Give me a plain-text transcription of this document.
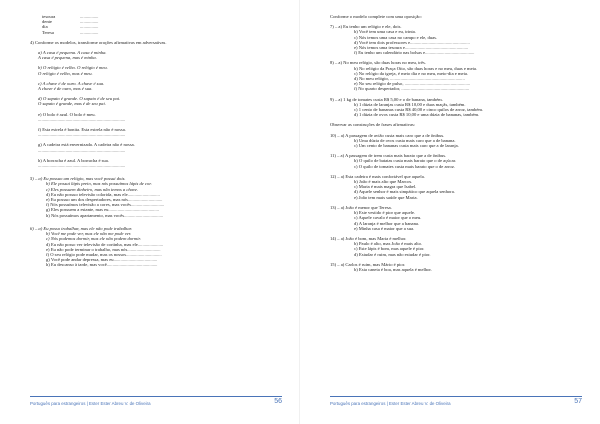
tesoura	................
dente	................
dia	................
Teresa	................
4) Conforme os modelos, transforme orações afirmativas em adversativas.
a) A casa é pequena. A casa é minha.
A casa é pequena, mas é minha.
b) O relógio é velho. O relógio é meu.
O relógio é velho, mas é meu.
c) A chave é de ouro. A chave é sua.
A chave é de ouro, mas é sua.
d) O sapato é grande. O sapato é de seu pai.
O sapato é grande, mas é de seu pai.
e) O bolo é azul. O bolo é meu.
............................................................................
f) Esta estrela é bonita. Esta estrela não é nossa.
............................................................................
g) A cadeira está envernizada. A cadeira não é nossa.
............................................................................
h) A borracha é azul. A borracha é sua.
............................................................................
5) – a) Eu possuo um relógio, mas você possui dois.
b) Ele possui lápis preto, mas nós possuímos lápis de cor.
c) Eles possuem dinheiro, mas não temos a chave.
d) Eu não possuo televisão colorida, mas ele............................
e) Eu possuo um dos despertadores, mas nós..............................
f) Nós possuímos televisão a cores, mas vocês.............................
g) Eles possuem a estante, mas eu............................................
h) Nós possuímos apartamento, mas vocês..................................
6) – a) Eu posso trabalhar, mas ele não pode trabalhar.
b) Você me pode ver, mas ele não me pode ver.
c) Nós podemos dormir, mas ele não podem dormir.
d) Eu não posso ver televisão de cortinha, mas ele......................
e) Eu não pode terminar o trabalho, mas nós.............................
f) O seu relógio pode mudar, mas os nossos...............................
g) Você pode andar depressa, mas eu......................................
h) Eu descanso à tarde, mas você............................................
Português para estrangeiros | Ester Ester Abreu V. de Oliveira	56
Conforme o modelo complete com uma oposição:
7) – a) Eu tenho um relógio e ele, dois.
b) Você tem uma casa e eu, trinta.
c) Nós temos uma casa no campo e ele, duas.
d) Você tem dois professores e....................................................
e) Nós temos uma tesoura e.......................................................
f) Eu tenho um calendário nas bolsas e...........................................
8) – a) No meu relógio, são duas horas no meu, três.
b) No relógio da Praça Oito, são duas horas e no meu, duas e meia.
c) No relógio da igreja, é meio dia e no meu, meio-dia e meia.
d) No meu relógio, .................................................................
e) No seu relógio de pulso, .........................................................
f) No quarto despertador, ...........................................................
9) – a) 1 kg de tomates custa R$ 5,00 e o de banana, também.
b) 1 dúzia de laranjas custa R$ 10,00 e duas maçãs, também.
c) 1 cento de bananas custa R$ 40,00 e cinco quilos de arroz, também.
d) 1 dúzia de ovos custa R$ 10,00 e uma dúzia de bananas, também.
Observar as construções de frases afirmativas:
10) – a) A passagem de avião custa mais caro que a de ônibus.
b) Uma dúzia de ovos custa mais caro que a de banana.
c) Um cento de bananas custa mais caro que a de laranja.
11) – a) A passagem de trem custa mais barato que a de ônibus.
b) O quilo de batatas custa mais barato que o de açúcar.
c) O quilo de tomates custa mais barato que o de arroz.
12) – a) Esta cadeira é mais confortável que aquela.
b) João é mais alto que Marcos.
c) Maria é mais magra que Isabel.
d) Aquele senhor é mais simpático que aquela senhora.
e) João tem mais saúde que Maria.
13) – a) João é menor que Teresa.
b) Este vestido é pior que aquele.
c) Aquele cavalo é maior que o meu.
d) A laranja é melhor que a banana.
e) Minha casa é maior que a sua.
14) – a) João é bom, mas Maria é melhor.
b) Paulo é alto, mas João é mais alto.
c) Este lápis é bom, mas aquele é pior.
d) Estudar é ruim, mas não estudar é pior.
15) – a) Carlos é ruim, mas Mário é pior.
b) Esta caneta é boa, mas aquela é melhor.
Português para estrangeiros | Ester Ester Abreu V. de Oliveira	57
